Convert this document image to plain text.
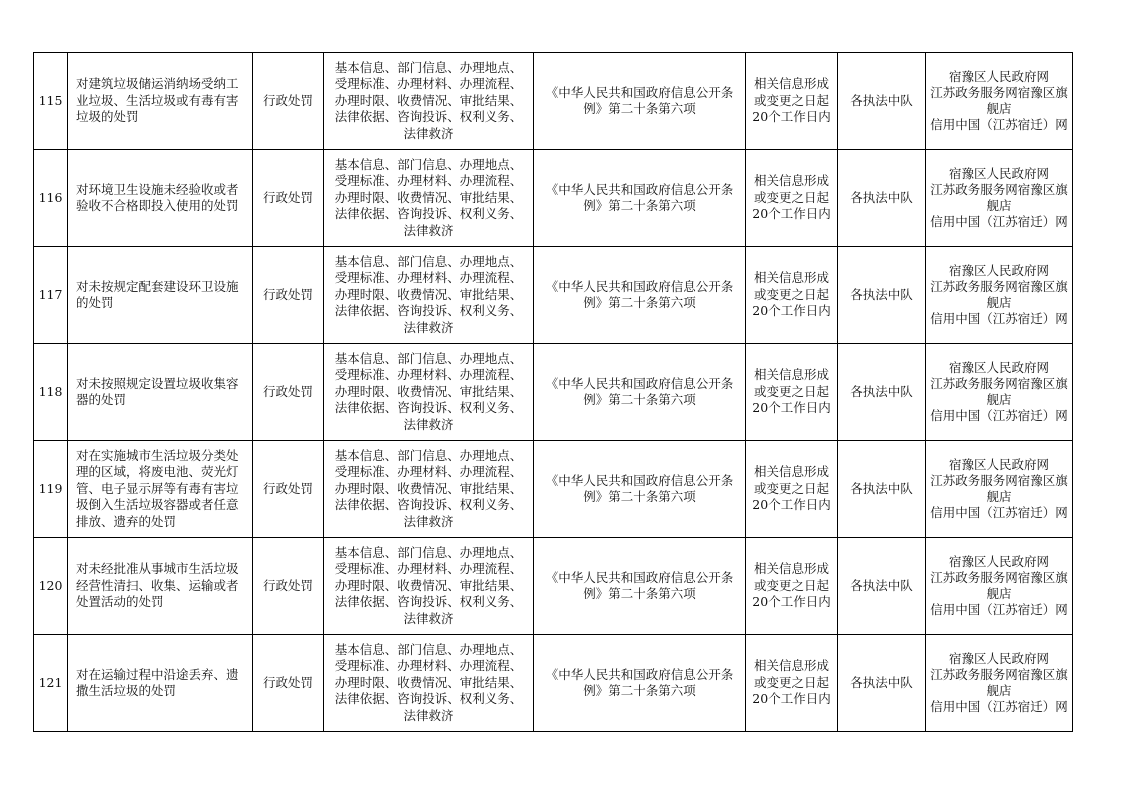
115	对建筑垃圾储运消纳场受纳工业垃圾、生活垃圾或有毒有害垃圾的处罚	行政处罚	基本信息、部门信息、办理地点、受理标准、办理材料、办理流程、办理时限、收费情况、审批结果、法律依据、咨询投诉、权利义务、法律救济	《中华人民共和国政府信息公开条例》第二十条第六项	相关信息形成或变更之日起20个工作日内	各执法中队	宿豫区人民政府网
江苏政务服务网宿豫区旗舰店
信用中国（江苏宿迁）网
116	对环境卫生设施未经验收或者验收不合格即投入使用的处罚	行政处罚	基本信息、部门信息、办理地点、受理标准、办理材料、办理流程、办理时限、收费情况、审批结果、法律依据、咨询投诉、权利义务、法律救济	《中华人民共和国政府信息公开条例》第二十条第六项	相关信息形成或变更之日起20个工作日内	各执法中队	宿豫区人民政府网
江苏政务服务网宿豫区旗舰店
信用中国（江苏宿迁）网
117	对未按规定配套建设环卫设施的处罚	行政处罚	基本信息、部门信息、办理地点、受理标准、办理材料、办理流程、办理时限、收费情况、审批结果、法律依据、咨询投诉、权利义务、法律救济	《中华人民共和国政府信息公开条例》第二十条第六项	相关信息形成或变更之日起20个工作日内	各执法中队	宿豫区人民政府网
江苏政务服务网宿豫区旗舰店
信用中国（江苏宿迁）网
118	对未按照规定设置垃圾收集容器的处罚	行政处罚	基本信息、部门信息、办理地点、受理标准、办理材料、办理流程、办理时限、收费情况、审批结果、法律依据、咨询投诉、权利义务、法律救济	《中华人民共和国政府信息公开条例》第二十条第六项	相关信息形成或变更之日起20个工作日内	各执法中队	宿豫区人民政府网
江苏政务服务网宿豫区旗舰店
信用中国（江苏宿迁）网
119	对在实施城市生活垃圾分类处理的区域，将废电池、荧光灯管、电子显示屏等有毒有害垃圾倒入生活垃圾容器或者任意排放、遗弃的处罚	行政处罚	基本信息、部门信息、办理地点、受理标准、办理材料、办理流程、办理时限、收费情况、审批结果、法律依据、咨询投诉、权利义务、法律救济	《中华人民共和国政府信息公开条例》第二十条第六项	相关信息形成或变更之日起20个工作日内	各执法中队	宿豫区人民政府网
江苏政务服务网宿豫区旗舰店
信用中国（江苏宿迁）网
120	对未经批准从事城市生活垃圾经营性清扫、收集、运输或者处置活动的处罚	行政处罚	基本信息、部门信息、办理地点、受理标准、办理材料、办理流程、办理时限、收费情况、审批结果、法律依据、咨询投诉、权利义务、法律救济	《中华人民共和国政府信息公开条例》第二十条第六项	相关信息形成或变更之日起20个工作日内	各执法中队	宿豫区人民政府网
江苏政务服务网宿豫区旗舰店
信用中国（江苏宿迁）网
121	对在运输过程中沿途丢弃、遗撒生活垃圾的处罚	行政处罚	基本信息、部门信息、办理地点、受理标准、办理材料、办理流程、办理时限、收费情况、审批结果、法律依据、咨询投诉、权利义务、法律救济	《中华人民共和国政府信息公开条例》第二十条第六项	相关信息形成或变更之日起20个工作日内	各执法中队	宿豫区人民政府网
江苏政务服务网宿豫区旗舰店
信用中国（江苏宿迁）网
